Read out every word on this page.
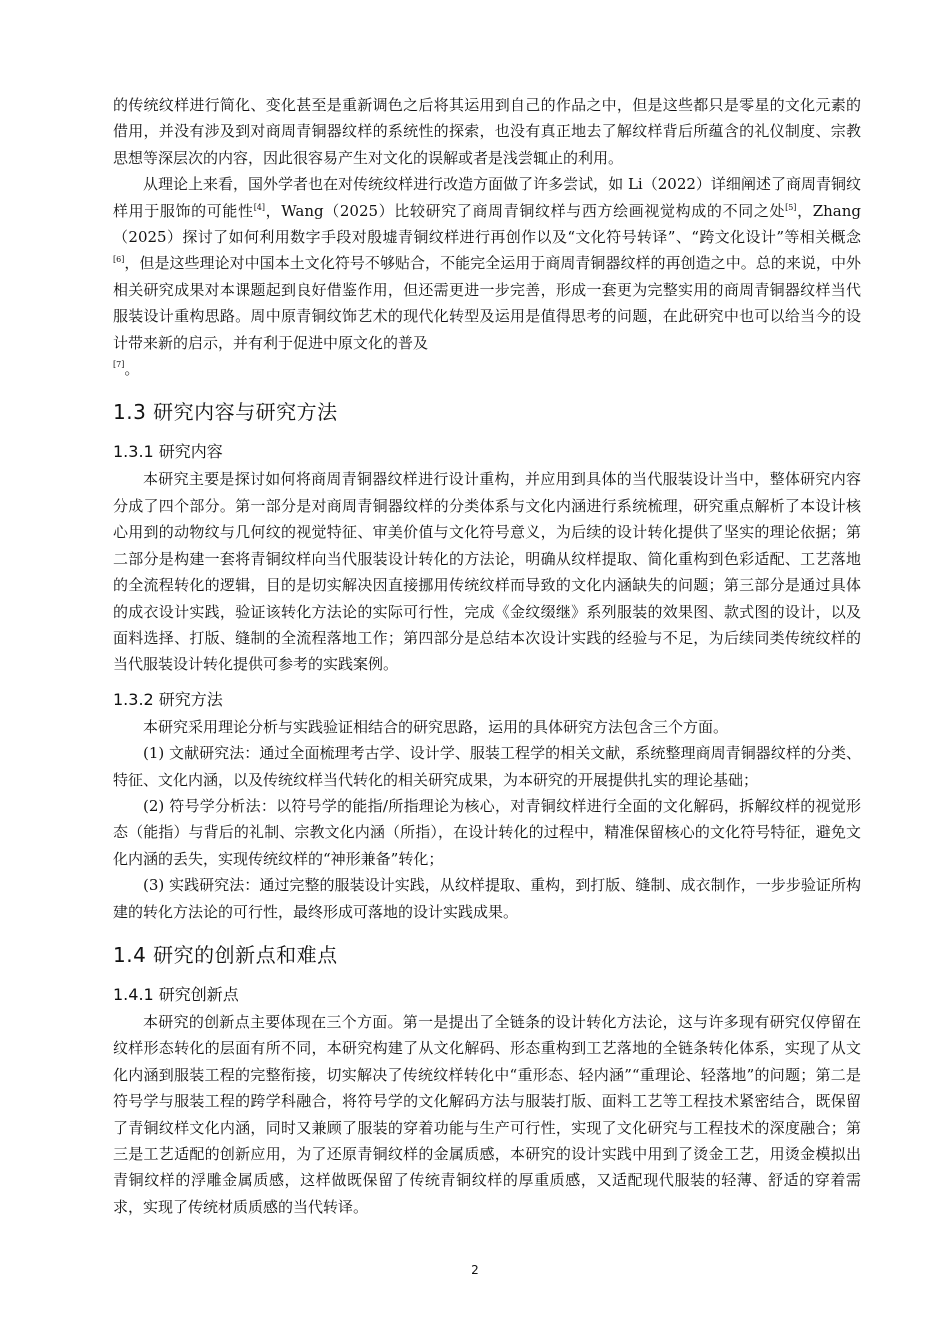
的传统纹样进行简化、变化甚至是重新调色之后将其运用到自己的作品之中，但是这些都只是零星的文化元素的借用，并没有涉及到对商周青铜器纹样的系统性的探索，也没有真正地去了解纹样背后所蕴含的礼仪制度、宗教思想等深层次的内容，因此很容易产生对文化的误解或者是浅尝辄止的利用。

从理论上来看，国外学者也在对传统纹样进行改造方面做了许多尝试，如 Li（2022）详细阐述了商周青铜纹样用于服饰的可能性[4]，Wang（2025）比较研究了商周青铜纹样与西方绘画视觉构成的不同之处[5]，Zhang（2025）探讨了如何利用数字手段对殷墟青铜纹样进行再创作以及“文化符号转译”、“跨文化设计”等相关概念[6]，但是这些理论对中国本土文化符号不够贴合，不能完全运用于商周青铜器纹样的再创造之中。总的来说，中外相关研究成果对本课题起到良好借鉴作用，但还需更进一步完善，形成一套更为完整实用的商周青铜器纹样当代服装设计重构思路。周中原青铜纹饰艺术的现代化转型及运用是值得思考的问题，在此研究中也可以给当今的设计带来新的启示，并有利于促进中原文化的普及
[7]。

1.3 研究内容与研究方法
1.3.1 研究内容

本研究主要是探讨如何将商周青铜器纹样进行设计重构，并应用到具体的当代服装设计当中，整体研究内容分成了四个部分。第一部分是对商周青铜器纹样的分类体系与文化内涵进行系统梳理，研究重点解析了本设计核心用到的动物纹与几何纹的视觉特征、审美价值与文化符号意义，为后续的设计转化提供了坚实的理论依据；第二部分是构建一套将青铜纹样向当代服装设计转化的方法论，明确从纹样提取、简化重构到色彩适配、工艺落地的全流程转化的逻辑，目的是切实解决因直接挪用传统纹样而导致的文化内涵缺失的问题；第三部分是通过具体的成衣设计实践，验证该转化方法论的实际可行性，完成《金纹缀继》系列服装的效果图、款式图的设计，以及面料选择、打版、缝制的全流程落地工作；第四部分是总结本次设计实践的经验与不足，为后续同类传统纹样的当代服装设计转化提供可参考的实践案例。

1.3.2 研究方法

本研究采用理论分析与实践验证相结合的研究思路，运用的具体研究方法包含三个方面。

(1) 文献研究法：通过全面梳理考古学、设计学、服装工程学的相关文献，系统整理商周青铜器纹样的分类、特征、文化内涵，以及传统纹样当代转化的相关研究成果，为本研究的开展提供扎实的理论基础；

(2) 符号学分析法：以符号学的能指/所指理论为核心，对青铜纹样进行全面的文化解码，拆解纹样的视觉形态（能指）与背后的礼制、宗教文化内涵（所指），在设计转化的过程中，精准保留核心的文化符号特征，避免文化内涵的丢失，实现传统纹样的“神形兼备”转化；

(3) 实践研究法：通过完整的服装设计实践，从纹样提取、重构，到打版、缝制、成衣制作，一步步验证所构建的转化方法论的可行性，最终形成可落地的设计实践成果。

1.4 研究的创新点和难点
1.4.1 研究创新点

本研究的创新点主要体现在三个方面。第一是提出了全链条的设计转化方法论，这与许多现有研究仅停留在纹样形态转化的层面有所不同，本研究构建了从文化解码、形态重构到工艺落地的全链条转化体系，实现了从文化内涵到服装工程的完整衔接，切实解决了传统纹样转化中“重形态、轻内涵”“重理论、轻落地”的问题；第二是符号学与服装工程的跨学科融合，将符号学的文化解码方法与服装打版、面料工艺等工程技术紧密结合，既保留了青铜纹样文化内涵，同时又兼顾了服装的穿着功能与生产可行性，实现了文化研究与工程技术的深度融合；第三是工艺适配的创新应用，为了还原青铜纹样的金属质感，本研究的设计实践中用到了烫金工艺，用烫金模拟出青铜纹样的浮雕金属质感，这样做既保留了传统青铜纹样的厚重质感，又适配现代服装的轻薄、舒适的穿着需求，实现了传统材质质感的当代转译。

2
